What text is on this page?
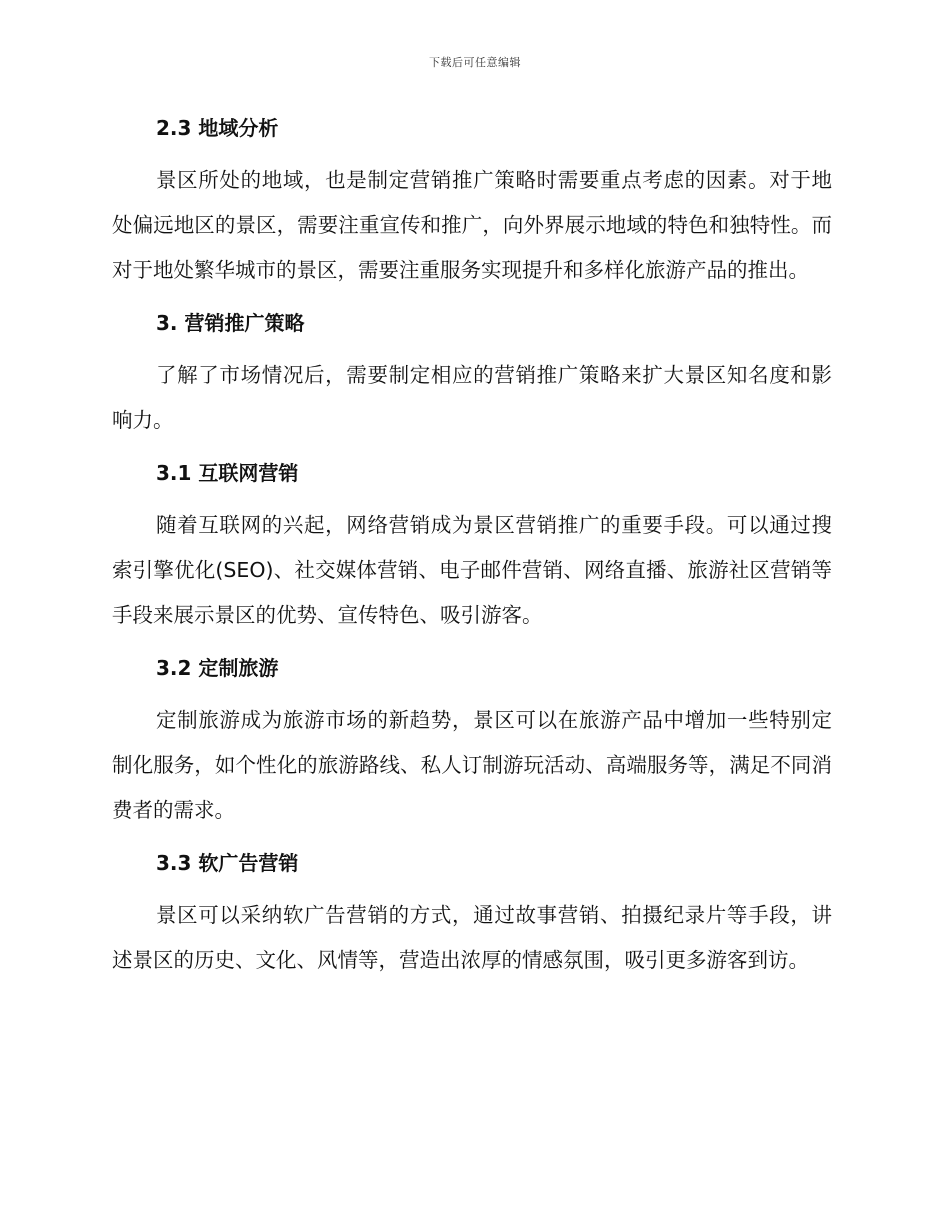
下载后可任意编辑
2.3 地域分析

景区所处的地域，也是制定营销推广策略时需要重点考虑的因素。对于地处偏远地区的景区，需要注重宣传和推广，向外界展示地域的特色和独特性。而对于地处繁华城市的景区，需要注重服务实现提升和多样化旅游产品的推出。

3. 营销推广策略

了解了市场情况后，需要制定相应的营销推广策略来扩大景区知名度和影响力。

3.1 互联网营销

随着互联网的兴起，网络营销成为景区营销推广的重要手段。可以通过搜索引擎优化(SEO)、社交媒体营销、电子邮件营销、网络直播、旅游社区营销等手段来展示景区的优势、宣传特色、吸引游客。

3.2 定制旅游

定制旅游成为旅游市场的新趋势，景区可以在旅游产品中增加一些特别定制化服务，如个性化的旅游路线、私人订制游玩活动、高端服务等，满足不同消费者的需求。

3.3 软广告营销

景区可以采纳软广告营销的方式，通过故事营销、拍摄纪录片等手段，讲述景区的历史、文化、风情等，营造出浓厚的情感氛围，吸引更多游客到访。
